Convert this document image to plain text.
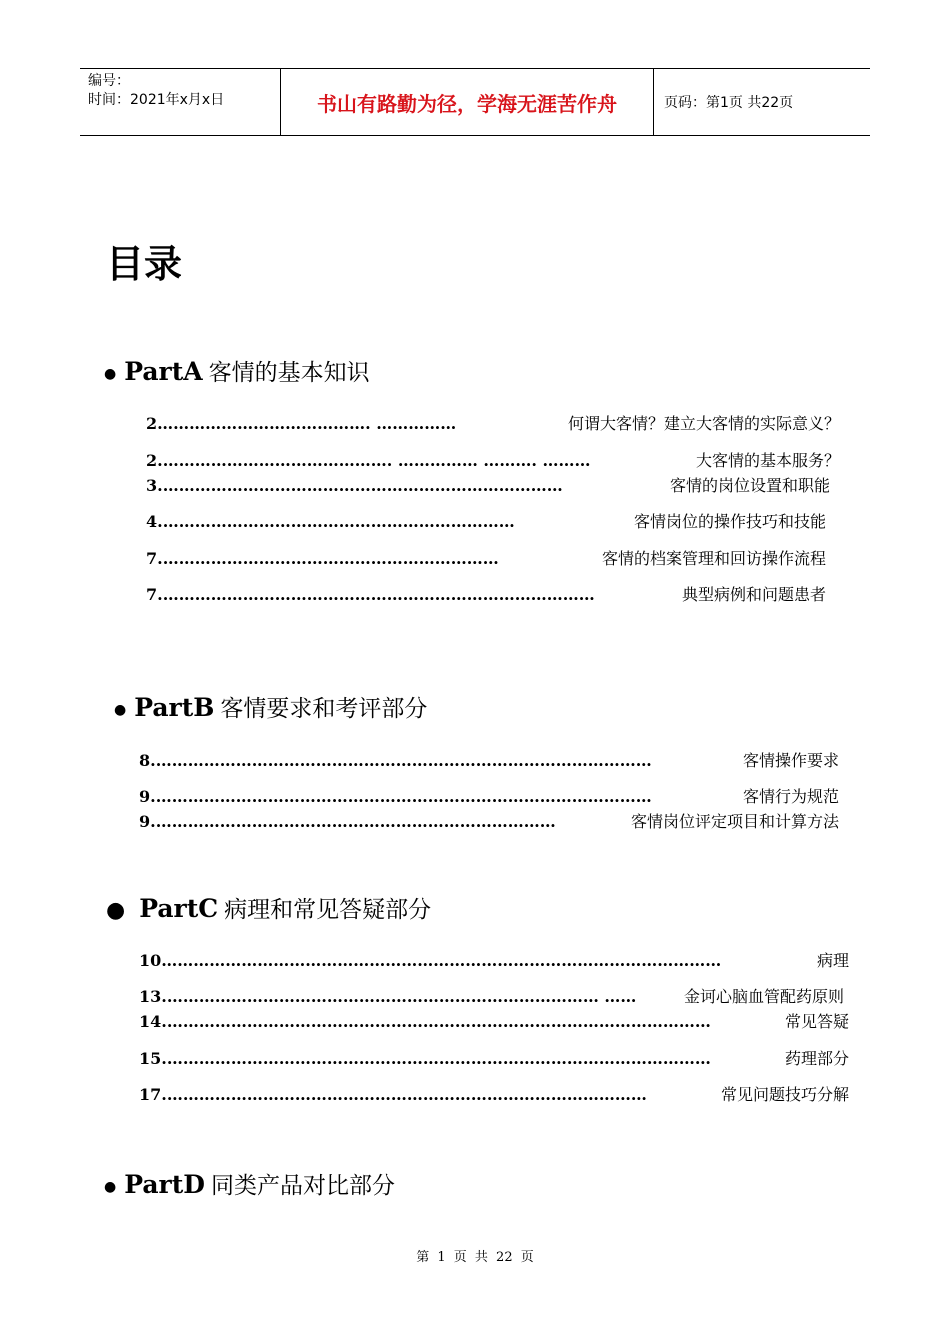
编号：
时间：2021年x月x日	书山有路勤为径，学海无涯苦作舟	页码：第1页 共22页
目录
● PartA 客情的基本知识
2 …………………………………. ……………	何谓大客情？建立大客情的实际意义？
2. ……………………………………. …………… ………. ………	大客情的基本服务？
3. …………………………………………………………………	客情的岗位设置和职能
4. …………………………………………………………	客情岗位的操作技巧和技能
7. ………………………………………………………	客情的档案管理和回访操作流程
7. ………………………………………………………………………	典型病例和问题患者
● PartB 客情要求和考评部分
8. …………………………………………………………………………………	客情操作要求
9. …………………………………………………………………………………	客情行为规范
9. …………………………………………………………………	客情岗位评定项目和计算方法
● PartC 病理和常见答疑部分
10 ……………………………………………………………………………………………	病理
13. ……………………………………………………………………… ……	金诃心脑血管配药原则
14. …………………………………………………………………………………………	常见答疑
15. …………………………………………………………………………………………	药理部分
17. ………………………………………………………………………………	常见问题技巧分解
● PartD 同类产品对比部分
第 1 页 共 22 页
